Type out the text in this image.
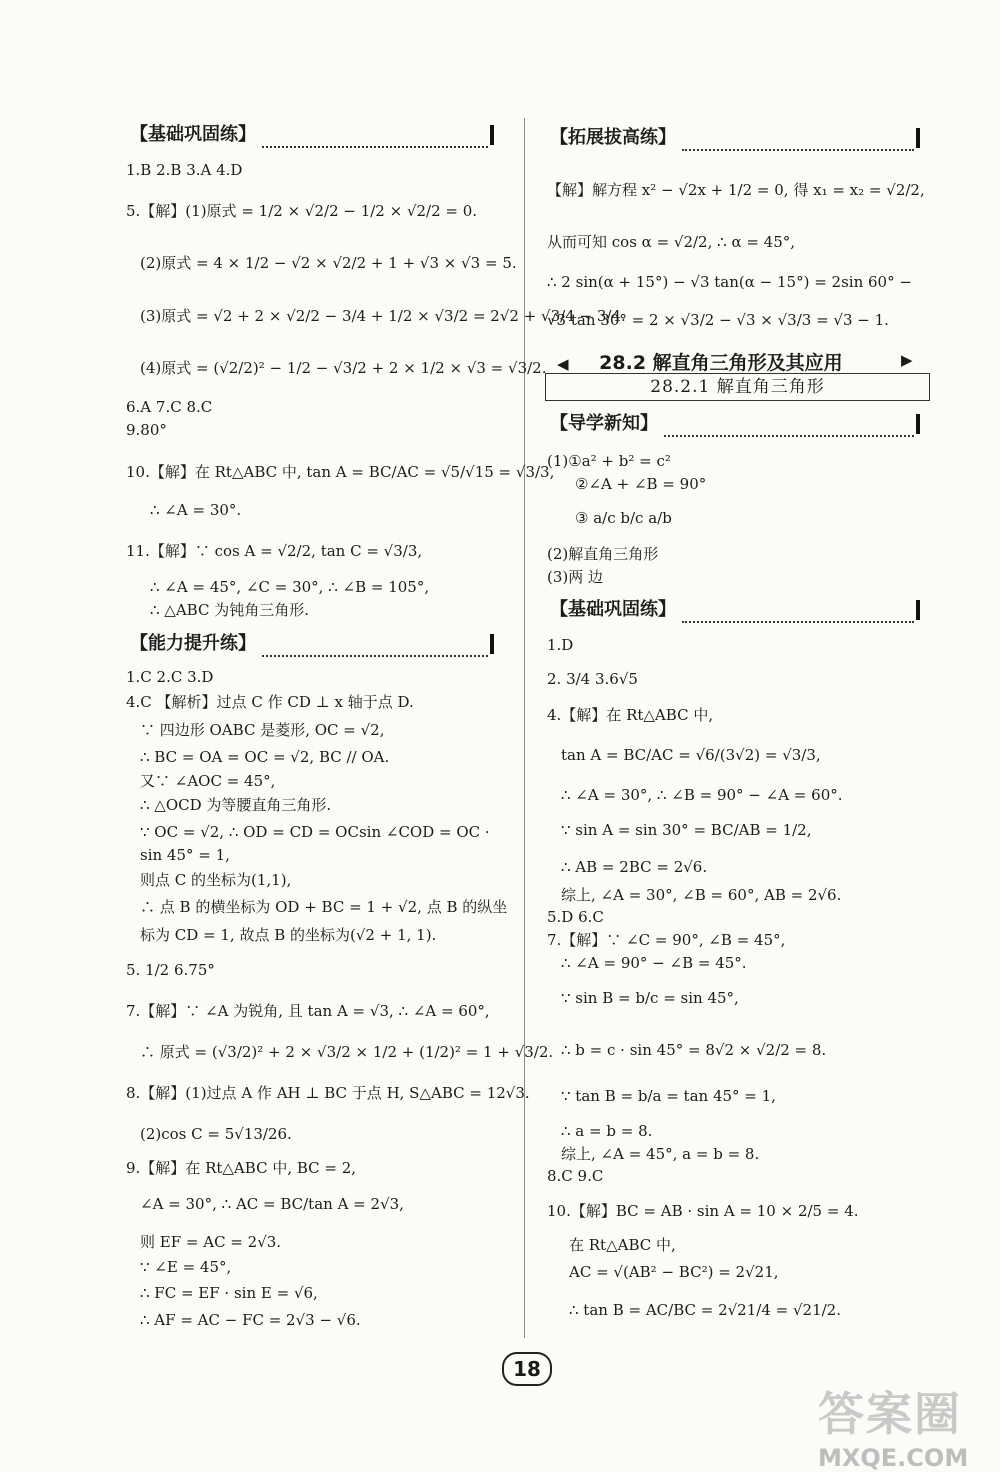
【基础巩固练】
1.B 2.B 3.A 4.D
5.【解】(1)原式 = 1/2 × √2/2 − 1/2 × √2/2 = 0.
(2)原式 = 4 × 1/2 − √2 × √2/2 + 1 + √3 × √3 = 5.
(3)原式 = √2 + 2 × √2/2 − 3/4 + 1/2 × √3/2 = 2√2 + √3/4 − 3/4.
(4)原式 = (√2/2)² − 1/2 − √3/2 + 2 × 1/2 × √3 = √3/2.
6.A 7.C 8.C
9.80°
10.【解】在 Rt△ABC 中, tan A = BC/AC = √5/√15 = √3/3,
∴ ∠A = 30°.
11.【解】∵ cos A = √2/2, tan C = √3/3,
∴ ∠A = 45°, ∠C = 30°, ∴ ∠B = 105°,
∴ △ABC 为钝角三角形.
【能力提升练】
1.C 2.C 3.D
4.C 【解析】过点 C 作 CD ⊥ x 轴于点 D.
∵ 四边形 OABC 是菱形, OC = √2,
∴ BC = OA = OC = √2, BC // OA.
又∵ ∠AOC = 45°,
∴ △OCD 为等腰直角三角形.
∵ OC = √2, ∴ OD = CD = OCsin ∠COD = OC ·
sin 45° = 1,
则点 C 的坐标为(1,1),
∴ 点 B 的横坐标为 OD + BC = 1 + √2, 点 B 的纵坐
标为 CD = 1, 故点 B 的坐标为(√2 + 1, 1).
5. 1/2 6.75°
7.【解】∵ ∠A 为锐角, 且 tan A = √3, ∴ ∠A = 60°,
∴ 原式 = (√3/2)² + 2 × √3/2 × 1/2 + (1/2)² = 1 + √3/2.
8.【解】(1)过点 A 作 AH ⊥ BC 于点 H, S△ABC = 12√3.
(2)cos C = 5√13/26.
9.【解】在 Rt△ABC 中, BC = 2,
∠A = 30°, ∴ AC = BC/tan A = 2√3,
则 EF = AC = 2√3.
∵ ∠E = 45°,
∴ FC = EF · sin E = √6,
∴ AF = AC − FC = 2√3 − √6.
【拓展拔高练】
【解】解方程 x² − √2x + 1/2 = 0, 得 x₁ = x₂ = √2/2,
从而可知 cos α = √2/2, ∴ α = 45°,
∴ 2 sin(α + 15°) − √3 tan(α − 15°) = 2sin 60° −
√3 tan 30° = 2 × √3/2 − √3 × √3/3 = √3 − 1.
◀ 28.2 解直角三角形及其应用	▶
28.2.1 解直角三角形
【导学新知】
(1)①a² + b² = c²
②∠A + ∠B = 90°
③ a/c b/c a/b
(2)解直角三角形
(3)两 边
【基础巩固练】
1.D
2. 3/4 3.6√5
4.【解】在 Rt△ABC 中,
tan A = BC/AC = √6/(3√2) = √3/3,
∴ ∠A = 30°, ∴ ∠B = 90° − ∠A = 60°.
∵ sin A = sin 30° = BC/AB = 1/2,
∴ AB = 2BC = 2√6.
综上, ∠A = 30°, ∠B = 60°, AB = 2√6.
5.D 6.C
7.【解】∵ ∠C = 90°, ∠B = 45°,
∴ ∠A = 90° − ∠B = 45°.
∵ sin B = b/c = sin 45°,
∴ b = c · sin 45° = 8√2 × √2/2 = 8.
∵ tan B = b/a = tan 45° = 1,
∴ a = b = 8.
综上, ∠A = 45°, a = b = 8.
8.C 9.C
10.【解】BC = AB · sin A = 10 × 2/5 = 4.
在 Rt△ABC 中,
AC = √(AB² − BC²) = 2√21,
∴ tan B = AC/BC = 2√21/4 = √21/2.
18
答案圈
MXQE.COM
